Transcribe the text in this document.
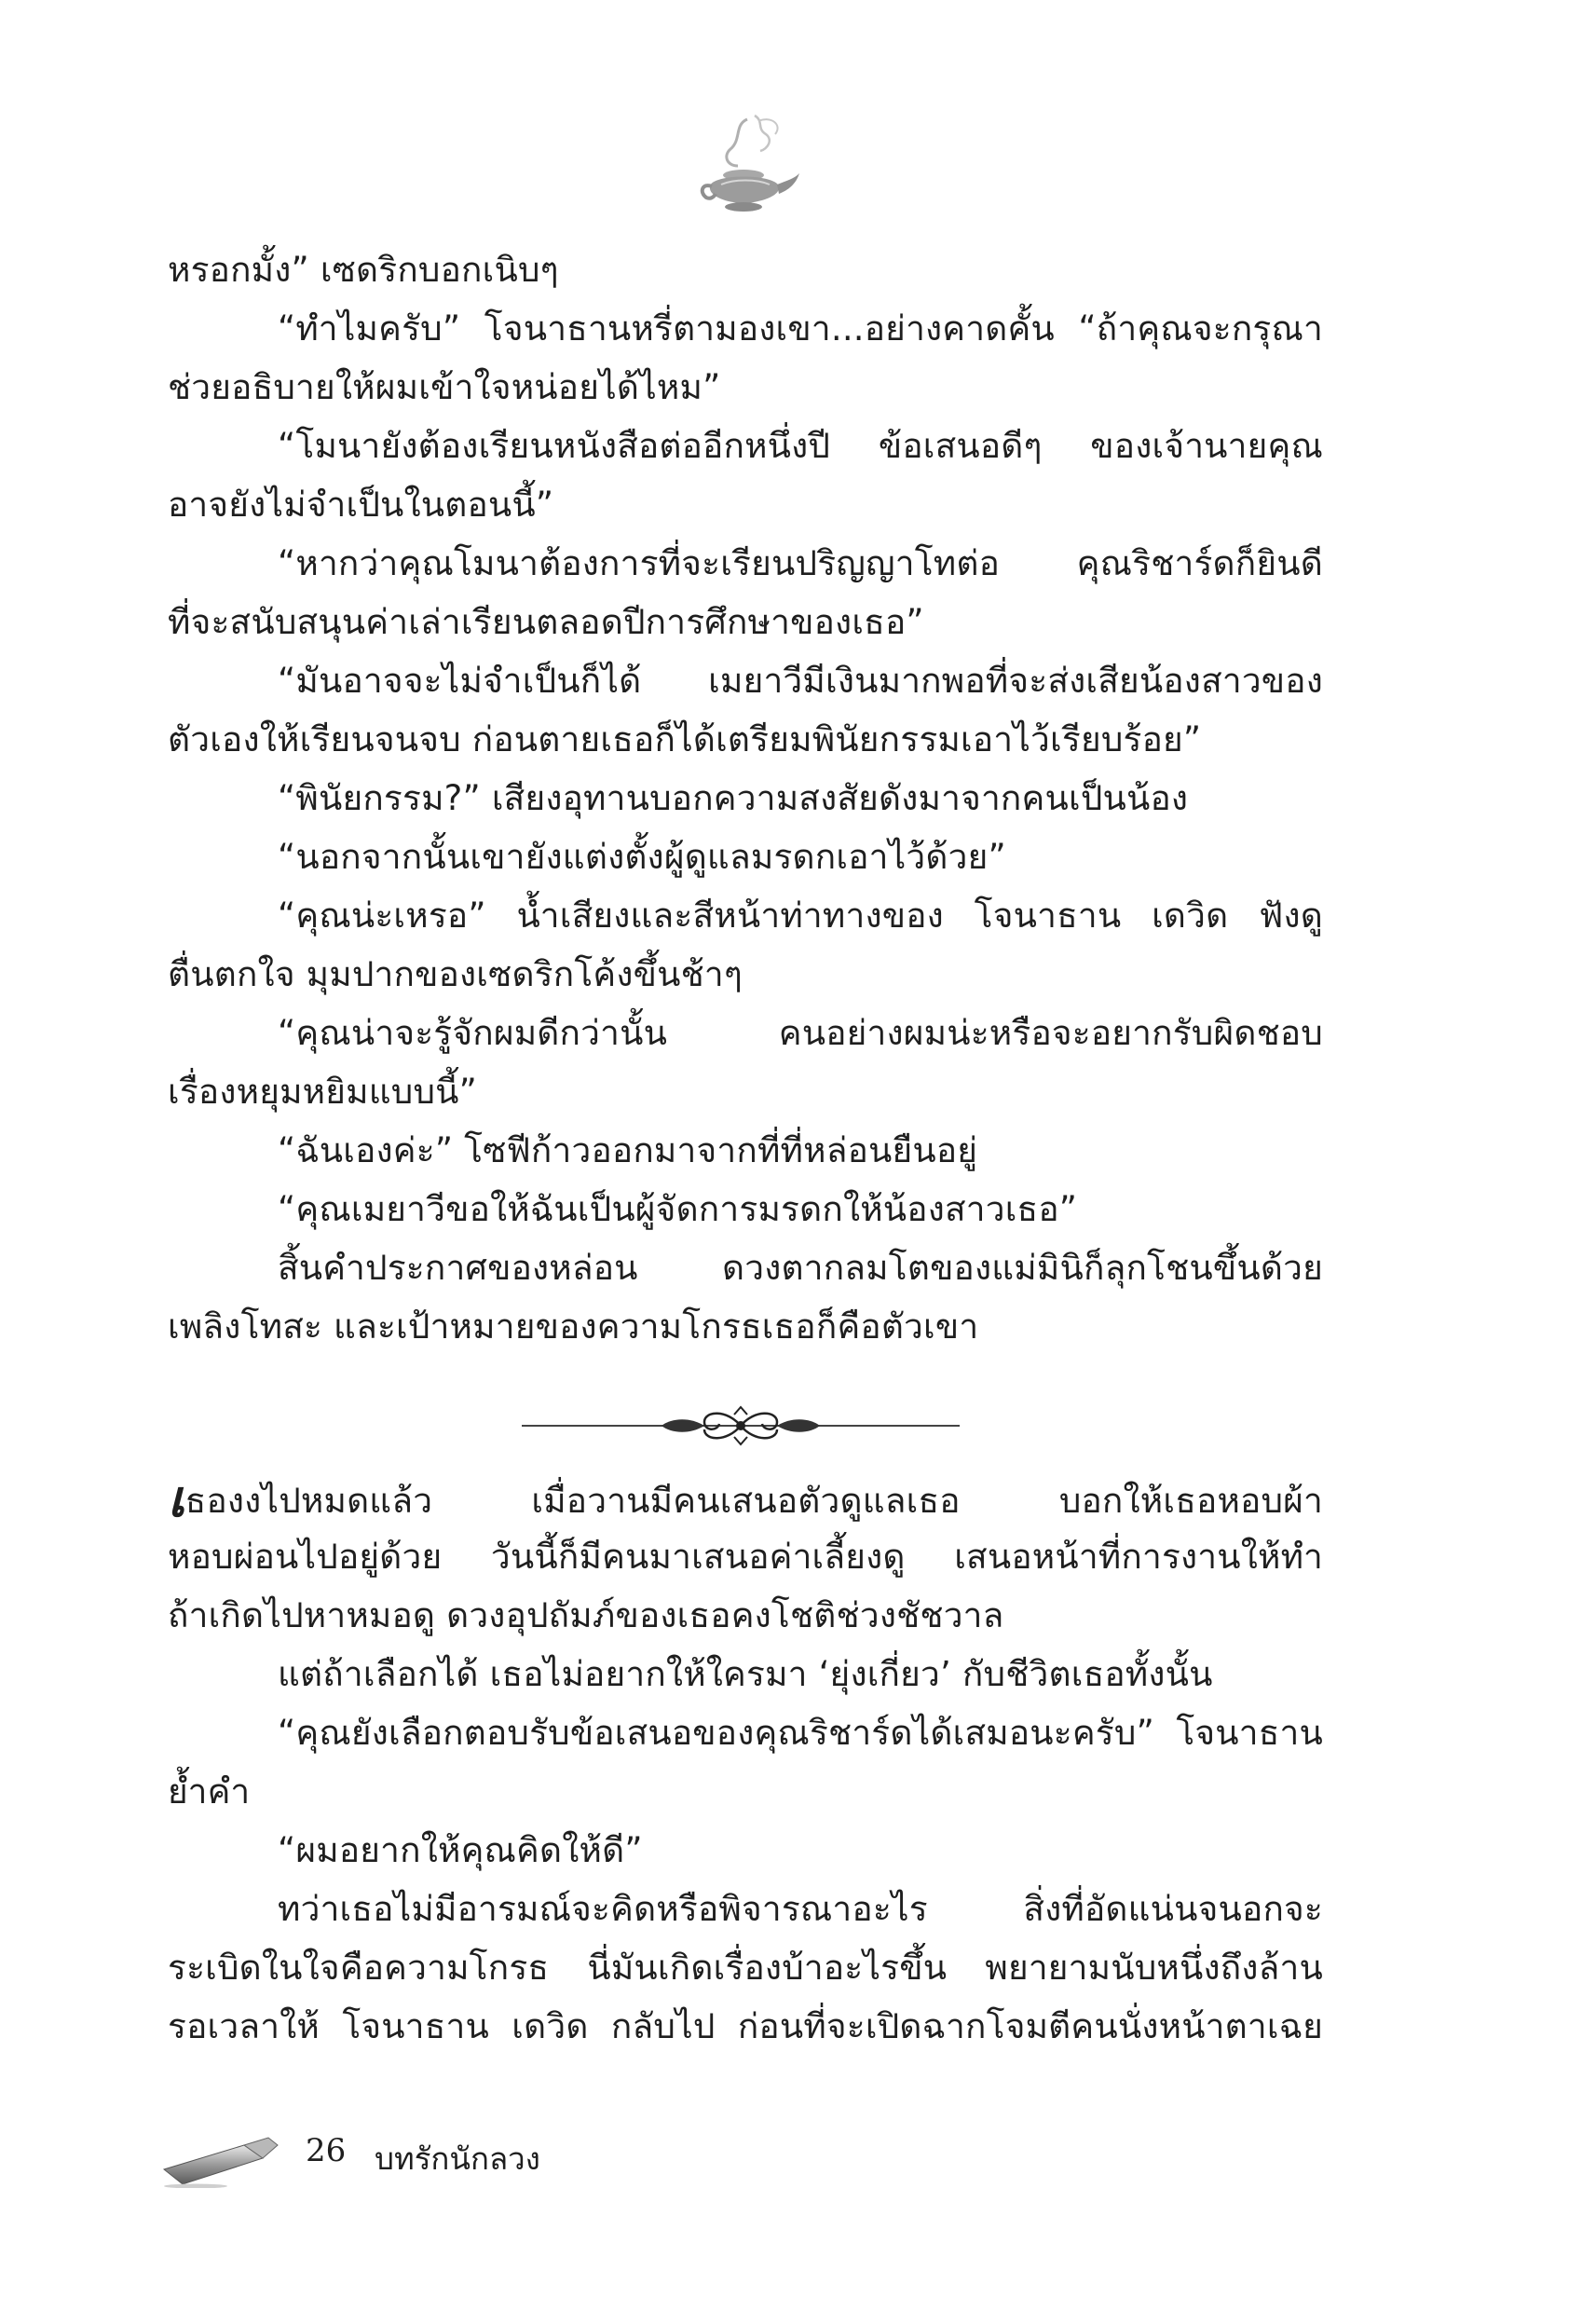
หรอกมั้ง” เซดริกบอกเนิบๆ
“ทำไมครับ” โจนาธานหรี่ตามองเขา...อย่างคาดคั้น “ถ้าคุณจะกรุณา
ช่วยอธิบายให้ผมเข้าใจหน่อยได้ไหม”
“โมนายังต้องเรียนหนังสือต่ออีกหนึ่งปี ข้อเสนอดีๆ ของเจ้านายคุณ
อาจยังไม่จำเป็นในตอนนี้”
“หากว่าคุณโมนาต้องการที่จะเรียนปริญญาโทต่อ คุณริชาร์ดก็ยินดี
ที่จะสนับสนุนค่าเล่าเรียนตลอดปีการศึกษาของเธอ”
“มันอาจจะไม่จำเป็นก็ได้ เมยาวีมีเงินมากพอที่จะส่งเสียน้องสาวของ
ตัวเองให้เรียนจนจบ ก่อนตายเธอก็ได้เตรียมพินัยกรรมเอาไว้เรียบร้อย”
“พินัยกรรม?” เสียงอุทานบอกความสงสัยดังมาจากคนเป็นน้อง
“นอกจากนั้นเขายังแต่งตั้งผู้ดูแลมรดกเอาไว้ด้วย”
“คุณน่ะเหรอ” น้ำเสียงและสีหน้าท่าทางของ โจนาธาน เดวิด ฟังดู
ตื่นตกใจ มุมปากของเซดริกโค้งขึ้นช้าๆ
“คุณน่าจะรู้จักผมดีกว่านั้น คนอย่างผมน่ะหรือจะอยากรับผิดชอบ
เรื่องหยุมหยิมแบบนี้”
“ฉันเองค่ะ” โซฟีก้าวออกมาจากที่ที่หล่อนยืนอยู่
“คุณเมยาวีขอให้ฉันเป็นผู้จัดการมรดกให้น้องสาวเธอ”
สิ้นคำประกาศของหล่อน ดวงตากลมโตของแม่มินิก็ลุกโชนขึ้นด้วย
เพลิงโทสะ และเป้าหมายของความโกรธเธอก็คือตัวเขา
เธองงไปหมดแล้ว เมื่อวานมีคนเสนอตัวดูแลเธอ บอกให้เธอหอบผ้า
หอบผ่อนไปอยู่ด้วย วันนี้ก็มีคนมาเสนอค่าเลี้ยงดู เสนอหน้าที่การงานให้ทำ
ถ้าเกิดไปหาหมอดู ดวงอุปถัมภ์ของเธอคงโชติช่วงชัชวาล
แต่ถ้าเลือกได้ เธอไม่อยากให้ใครมา ‘ยุ่งเกี่ยว’ กับชีวิตเธอทั้งนั้น
“คุณยังเลือกตอบรับข้อเสนอของคุณริชาร์ดได้เสมอนะครับ” โจนาธาน
ย้ำคำ
“ผมอยากให้คุณคิดให้ดี”
ทว่าเธอไม่มีอารมณ์จะคิดหรือพิจารณาอะไร สิ่งที่อัดแน่นจนอกจะ
ระเบิดในใจคือความโกรธ นี่มันเกิดเรื่องบ้าอะไรขึ้น พยายามนับหนึ่งถึงล้าน
รอเวลาให้ โจนาธาน เดวิด กลับไป ก่อนที่จะเปิดฉากโจมตีคนนั่งหน้าตาเฉย
26 บทรักนักลวง
